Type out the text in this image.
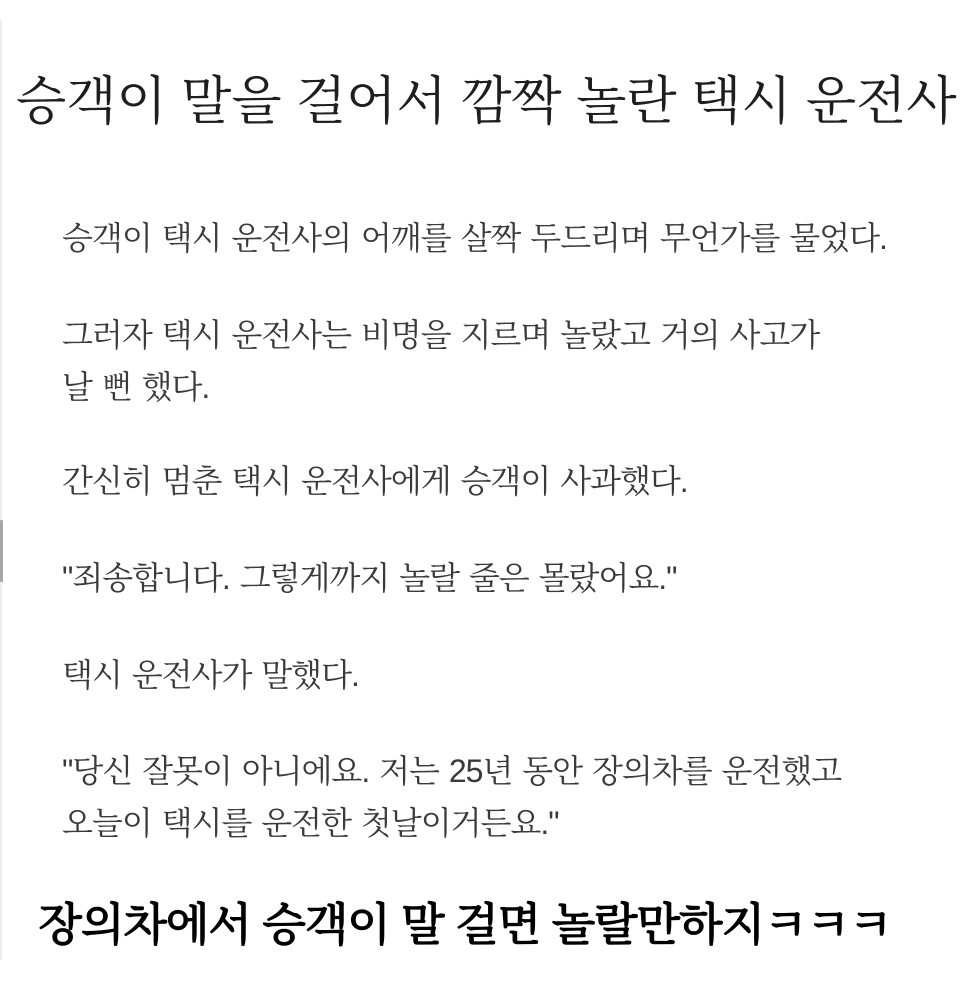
승객이 말을 걸어서 깜짝 놀란 택시 운전사
승객이 택시 운전사의 어깨를 살짝 두드리며 무언가를 물었다.
그러자 택시 운전사는 비명을 지르며 놀랐고 거의 사고가
날 뻔 했다.
간신히 멈춘 택시 운전사에게 승객이 사과했다.
"죄송합니다. 그렇게까지 놀랄 줄은 몰랐어요."
택시 운전사가 말했다.
"당신 잘못이 아니에요. 저는 25년 동안 장의차를 운전했고
오늘이 택시를 운전한 첫날이거든요."
장의차에서 승객이 말 걸면 놀랄만하지ㅋㅋㅋ
